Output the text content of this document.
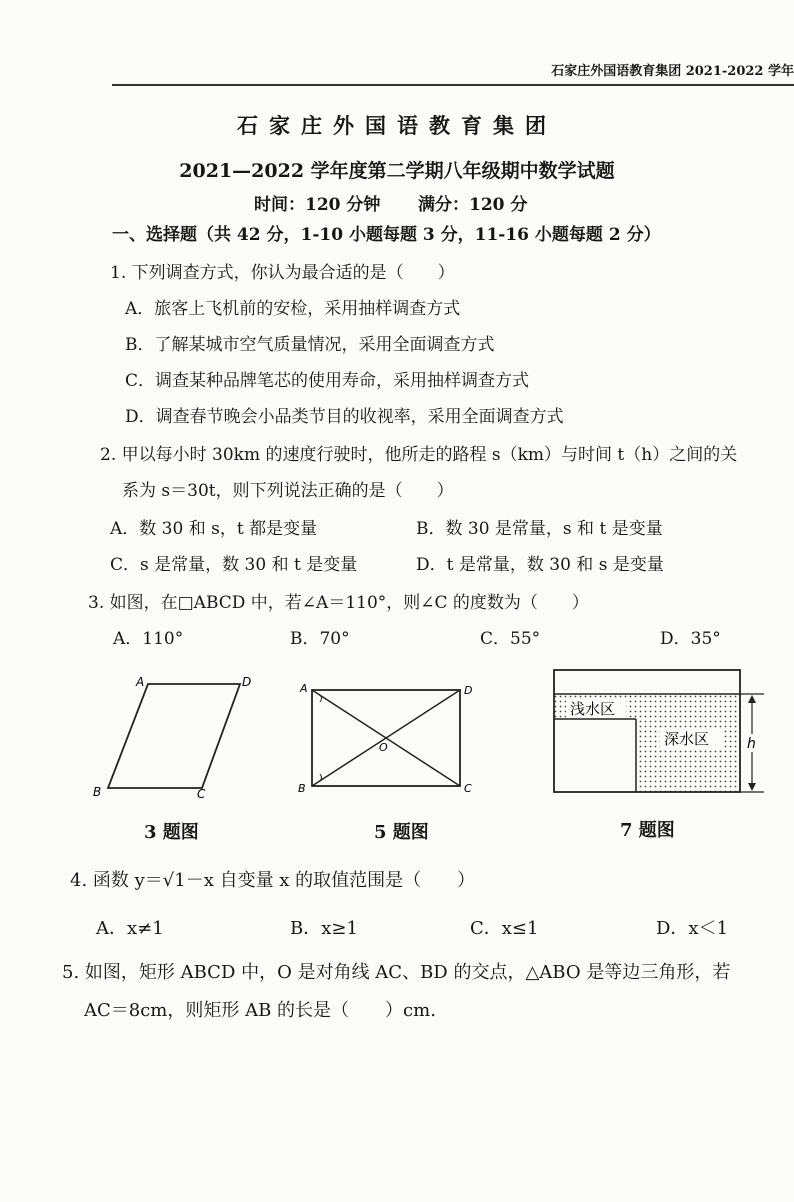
石家庄外国语教育集团 2021-2022 学年
石家庄外国语教育集团
2021—2022 学年度第二学期八年级期中数学试题
时间：120 分钟 满分：120 分
一、选择题（共 42 分，1-10 小题每题 3 分，11-16 小题每题 2 分）
1. 下列调查方式，你认为最合适的是（　　）
A．旅客上飞机前的安检，采用抽样调查方式
B．了解某城市空气质量情况，采用全面调查方式
C．调查某种品牌笔芯的使用寿命，采用抽样调查方式
D．调查春节晚会小品类节目的收视率，采用全面调查方式
2. 甲以每小时 30km 的速度行驶时，他所走的路程 s（km）与时间 t（h）之间的关
系为 s＝30t，则下列说法正确的是（　　）
A．数 30 和 s，t 都是变量	B．数 30 是常量，s 和 t 是变量
C．s 是常量，数 30 和 t 是变量	D．t 是常量，数 30 和 s 是变量
3. 如图，在□ABCD 中，若∠A＝110°，则∠C 的度数为（　　）
A．110°	B．70°	C．55°	D．35°
A	D
B	C
A	D
B	C
O
浅水区
深水区	h
3 题图	5 题图	7 题图
4. 函数 y＝√1－x 自变量 x 的取值范围是（　　）
A．x≠1	B．x≥1	C．x≤1	D．x＜1
5. 如图，矩形 ABCD 中，O 是对角线 AC、BD 的交点，△ABO 是等边三角形，若
AC＝8cm，则矩形 AB 的长是（　　）cm.
